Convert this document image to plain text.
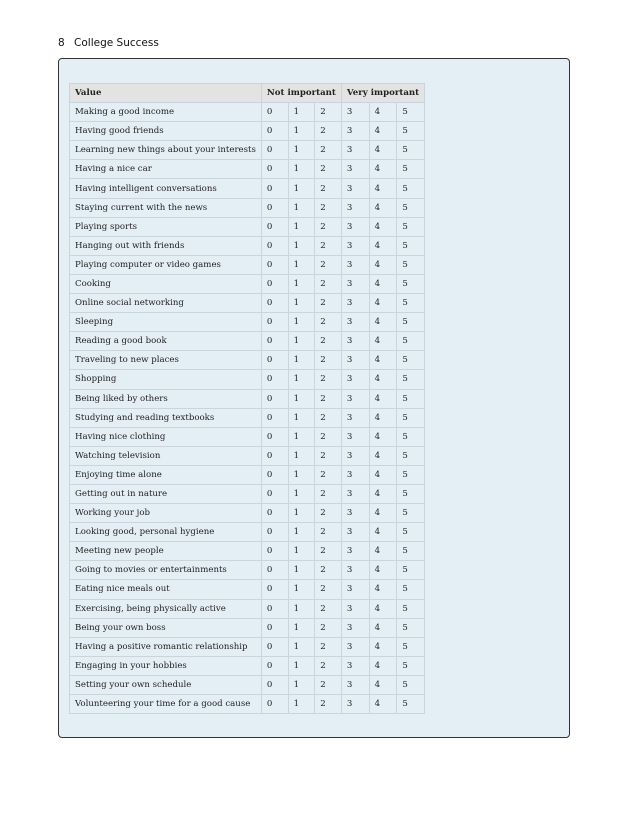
8 College Success
Value	Not important			Very important		
Making a good income	0	1	2	3	4	5
Having good friends	0	1	2	3	4	5
Learning new things about your interests	0	1	2	3	4	5
Having a nice car	0	1	2	3	4	5
Having intelligent conversations	0	1	2	3	4	5
Staying current with the news	0	1	2	3	4	5
Playing sports	0	1	2	3	4	5
Hanging out with friends	0	1	2	3	4	5
Playing computer or video games	0	1	2	3	4	5
Cooking	0	1	2	3	4	5
Online social networking	0	1	2	3	4	5
Sleeping	0	1	2	3	4	5
Reading a good book	0	1	2	3	4	5
Traveling to new places	0	1	2	3	4	5
Shopping	0	1	2	3	4	5
Being liked by others	0	1	2	3	4	5
Studying and reading textbooks	0	1	2	3	4	5
Having nice clothing	0	1	2	3	4	5
Watching television	0	1	2	3	4	5
Enjoying time alone	0	1	2	3	4	5
Getting out in nature	0	1	2	3	4	5
Working your job	0	1	2	3	4	5
Looking good, personal hygiene	0	1	2	3	4	5
Meeting new people	0	1	2	3	4	5
Going to movies or entertainments	0	1	2	3	4	5
Eating nice meals out	0	1	2	3	4	5
Exercising, being physically active	0	1	2	3	4	5
Being your own boss	0	1	2	3	4	5
Having a positive romantic relationship	0	1	2	3	4	5
Engaging in your hobbies	0	1	2	3	4	5
Setting your own schedule	0	1	2	3	4	5
Volunteering your time for a good cause	0	1	2	3	4	5
